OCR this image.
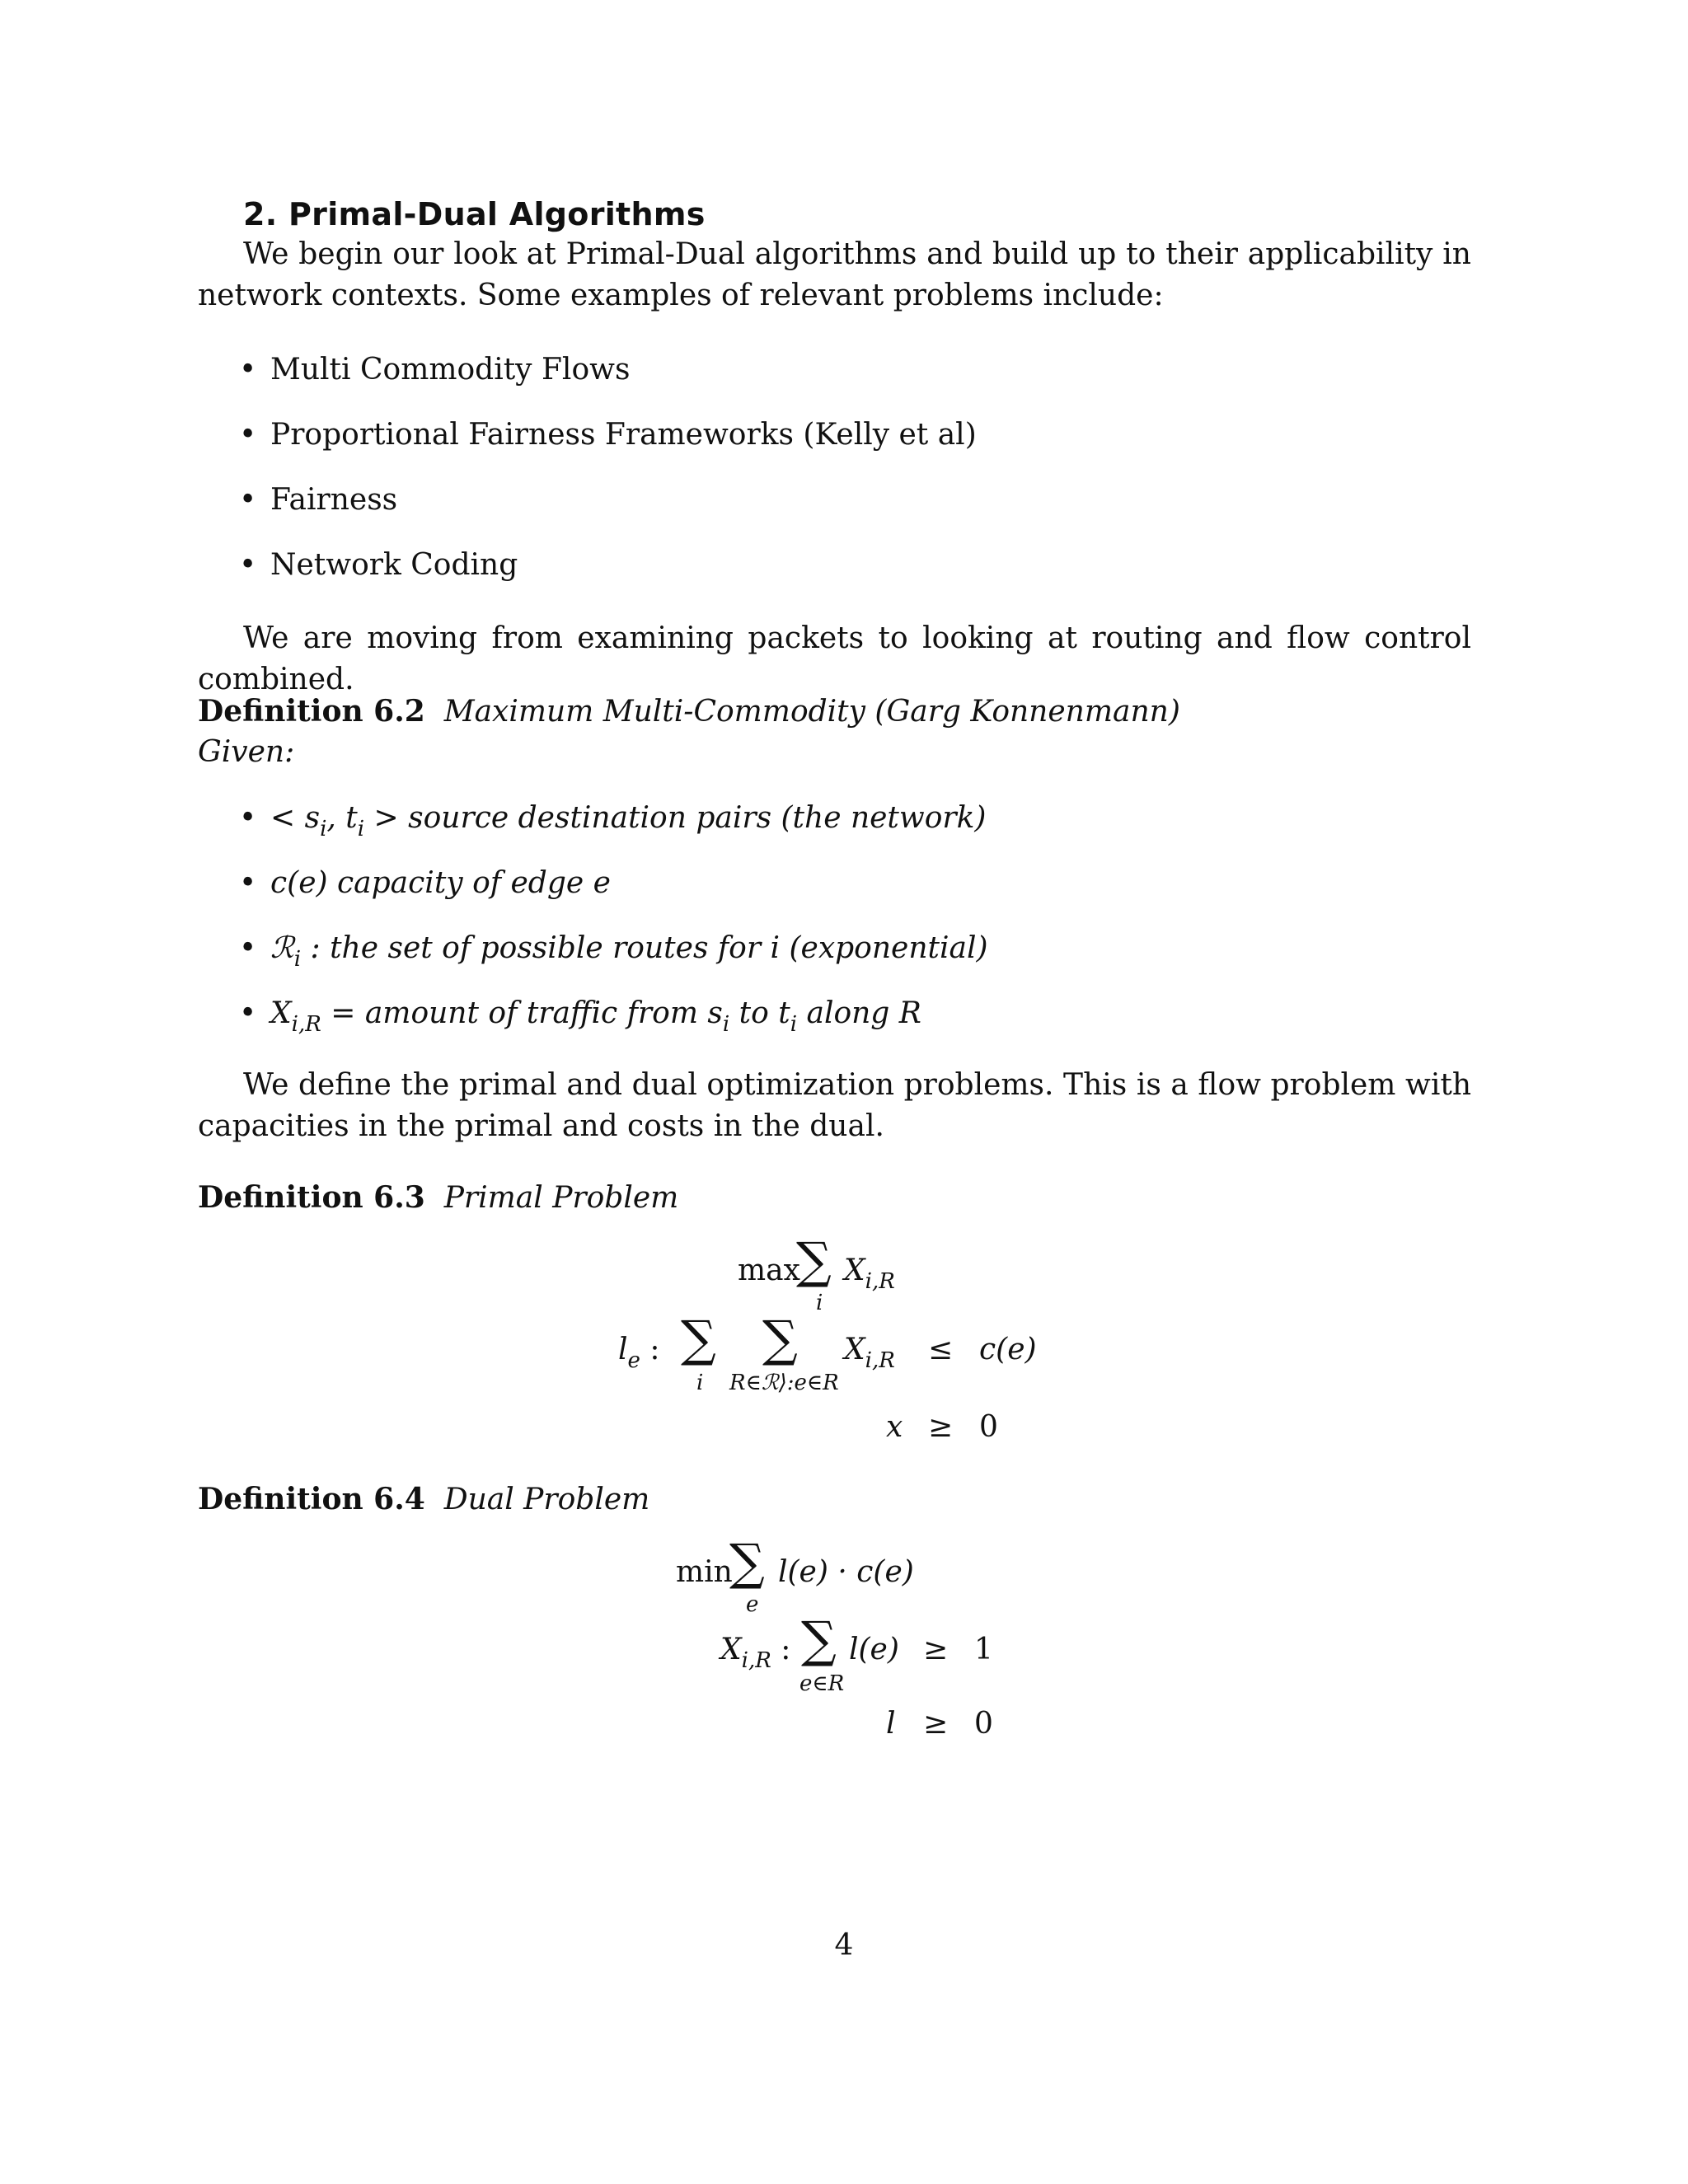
2. Primal-Dual Algorithms
We begin our look at Primal-Dual algorithms and build up to their applicability in network contexts. Some examples of relevant problems include:
• Multi Commodity Flows
• Proportional Fairness Frameworks (Kelly et al)
• Fairness
• Network Coding
We are moving from examining packets to looking at routing and flow control combined.
Definition 6.2 Maximum Multi-Commodity (Garg Konnenmann)
Given:
• < $s_i$, $t_i$ > source destination pairs (the network)
• c(e) capacity of edge e
• ℛ$_i$ : the set of possible routes for i (exponential)
• $X_{i,R}$ = amount of traffic from $s_i$ to $t_i$ along R
We define the primal and dual optimization problems. This is a flow problem with capacities in the primal and costs in the dual.
Definition 6.3 Primal Problem
max
∑
i
$X_{i,R}$
$l_e$ : ∑
i
∑
R∈ℛ⟩:e∈R
$X_{i,R} \le c(e)$
x ≥ 0
Definition 6.4 Dual Problem
min
∑
e
l(e) · c(e)
$X_{i,R}$ : ∑
e∈R
l(e) ≥ 1
l ≥ 0
4
